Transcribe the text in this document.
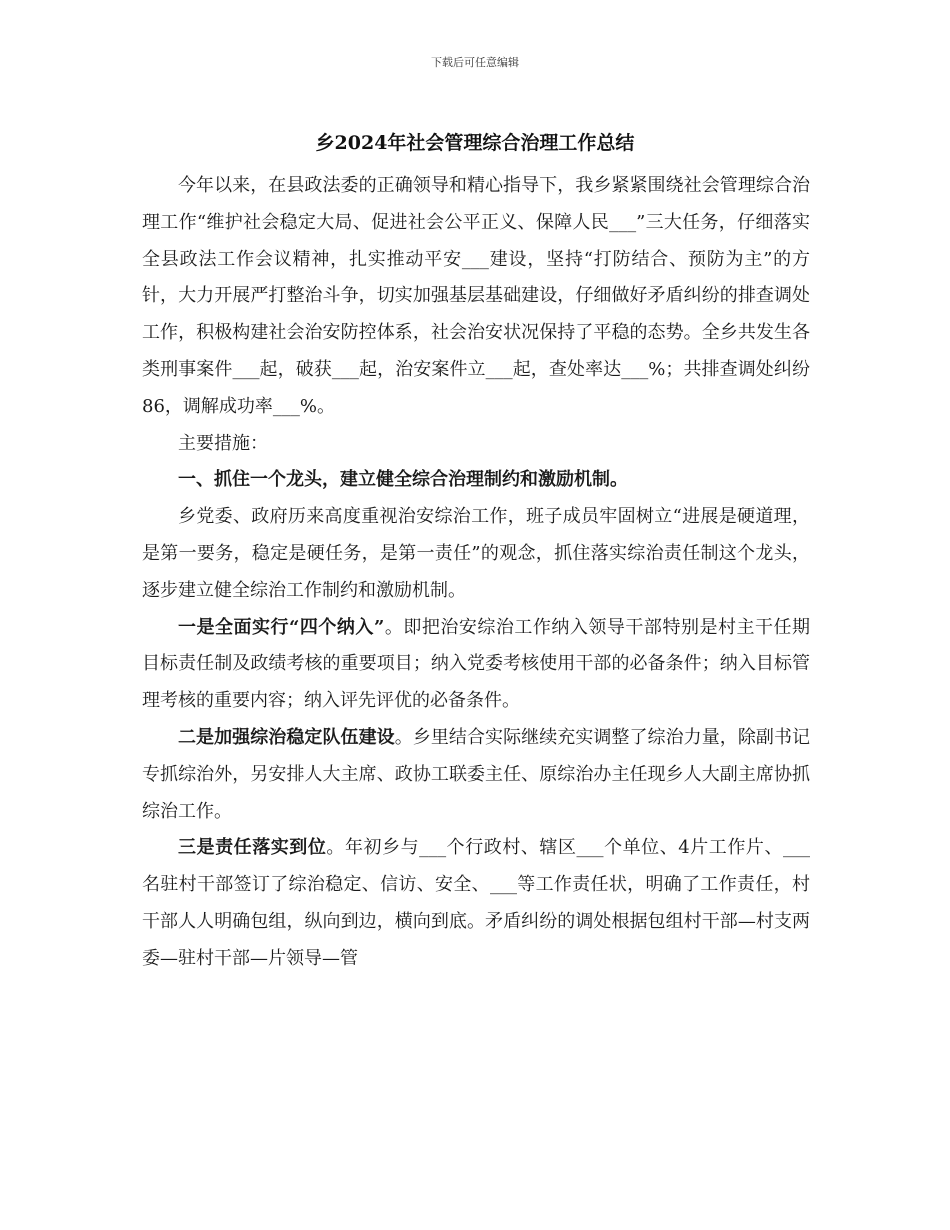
下载后可任意编辑
乡2024年社会管理综合治理工作总结

今年以来，在县政法委的正确领导和精心指导下，我乡紧紧围绕社会管理综合治理工作“维护社会稳定大局、促进社会公平正义、保障人民___”三大任务，仔细落实全县政法工作会议精神，扎实推动平安___建设，坚持“打防结合、预防为主”的方针，大力开展严打整治斗争，切实加强基层基础建设，仔细做好矛盾纠纷的排查调处工作，积极构建社会治安防控体系，社会治安状况保持了平稳的态势。全乡共发生各类刑事案件___起，破获___起，治安案件立___起，查处率达___%；共排查调处纠纷86，调解成功率___%。

主要措施：

一、抓住一个龙头，建立健全综合治理制约和激励机制。

乡党委、政府历来高度重视治安综治工作，班子成员牢固树立“进展是硬道理，是第一要务，稳定是硬任务，是第一责任”的观念，抓住落实综治责任制这个龙头，逐步建立健全综治工作制约和激励机制。

一是全面实行“四个纳入”。即把治安综治工作纳入领导干部特别是村主干任期目标责任制及政绩考核的重要项目；纳入党委考核使用干部的必备条件；纳入目标管理考核的重要内容；纳入评先评优的必备条件。

二是加强综治稳定队伍建设。乡里结合实际继续充实调整了综治力量，除副书记专抓综治外，另安排人大主席、政协工联委主任、原综治办主任现乡人大副主席协抓综治工作。

三是责任落实到位。年初乡与___个行政村、辖区___个单位、4片工作片、___名驻村干部签订了综治稳定、信访、安全、___等工作责任状，明确了工作责任，村干部人人明确包组，纵向到边，横向到底。矛盾纠纷的调处根据包组村干部—村支两委—驻村干部—片领导—管
